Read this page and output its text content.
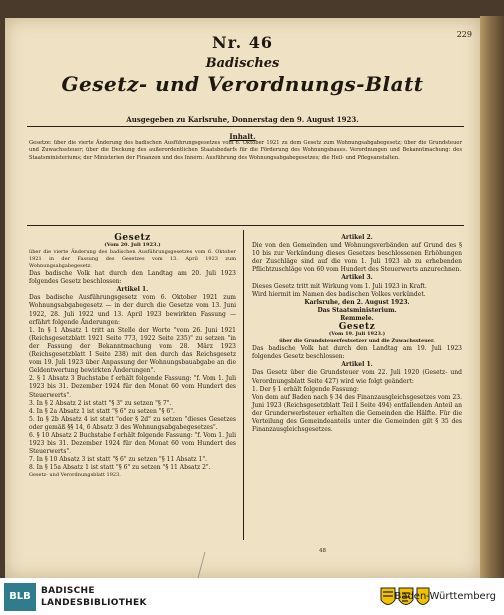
229
Nr. 46
Badisches
Gesetz- und Verordnungs-Blatt
Ausgegeben zu Karlsruhe, Donnerstag den 9. August 1923.
Inhalt.
Gesetze: über die vierte Änderung des badischen Ausführungsgesetzes vom 6. Oktober 1921 zu dem Gesetz zum Wohnungsabgabegesetz; über die Grundsteuer und Zuwachssteuer; über die Deckung des außerordentlichen Staatsbedarfs für die Förderung des Wohnungsbaues. Verordnungen und Bekanntmachung: des Staatsministeriums; der Ministerien der Finanzen und des Innern: Ausführung des Wohnungsabgabegesetzes; die Heil- und Pflegeanstalten.

Gesetz

(Vom 20. Juli 1923.)

über die vierte Änderung des badischen Ausführungsgesetzes vom 6. Oktober 1921 in der Fassung des Gesetzes vom 13. April 1923 zum Wohnungsabgabegesetz.

Das badische Volk hat durch den Landtag am 20. Juli 1923 folgendes Gesetz beschlossen:

Artikel 1.

Das badische Ausführungsgesetz vom 6. Oktober 1921 zum Wohnungsabgabegesetz — in der durch die Gesetze vom 13. Juni 1922, 28. Juli 1922 und 13. April 1923 bewirkten Fassung — erfährt folgende Änderungen:

1. In § 1 Absatz 1 tritt an Stelle der Worte "vom 26. Juni 1921 (Reichsgesetzblatt 1921 Seite 773, 1922 Seite 235)" zu setzen "in der Fassung der Bekanntmachung vom 28. März 1923 (Reichsgesetzblatt I Seite 238) mit den durch das Reichsgesetz vom 19. Juli 1923 über Anpassung der Wohnungsbauabgabe an die Geldentwertung bewirkten Änderungen".

2. § 1 Absatz 3 Buchstabe f erhält folgende Fassung: "f. Vom 1. Juli 1923 bis 31. Dezember 1924 für den Monat 60 vom Hundert des Steuerwerts".

3. In § 2 Absatz 2 ist statt "§ 3" zu setzen "§ 7".

4. In § 2a Absatz 1 ist statt "§ 6" zu setzen "§ 6".

5. In § 2b Absatz 4 ist statt "oder § 2d" zu setzen "dieses Gesetzes oder gemäß §§ 14, 6 Absatz 3 des Wohnungsabgabegesetzes".

6. § 10 Absatz 2 Buchstabe f erhält folgende Fassung: "f. Vom 1. Juli 1923 bis 31. Dezember 1924 für den Monat 60 vom Hundert des Steuerwerts".

7. In § 10 Absatz 3 ist statt "§ 6" zu setzen "§ 11 Absatz 1".

8. In § 15a Absatz 1 ist statt "§ 6" zu setzen "§ 11 Absatz 2".

Gesetz- und Verordnungsblatt 1923.

Artikel 2.

Die von den Gemeinden und Wohnungsverbänden auf Grund des § 10 bis zur Verkündung dieses Gesetzes beschlossenen Erhöhungen der Zuschläge sind auf die vom 1. Juli 1923 ab zu erhebenden Pflichtzuschläge von 60 vom Hundert des Steuerwerts anzurechnen.

Artikel 3.

Dieses Gesetz tritt mit Wirkung vom 1. Juli 1923 in Kraft.

Wird hiermit im Namen des badischen Volkes verkündet.

Karlsruhe, den 2. August 1923.

Das Staatsministerium.

Remmele.

Gesetz

(Vom 19. Juli 1923.)

über die Grundsteuerfestsetzer und die Zuwachssteuer.

Das badische Volk hat durch den Landtag am 19. Juli 1923 folgendes Gesetz beschlossen:

Artikel 1.

Das Gesetz über die Grundsteuer vom 22. Juli 1920 (Gesetz- und Verordnungsblatt Seite 427) wird wie folgt geändert:

1. Der § 1 erhält folgende Fassung:

Von dem auf Baden nach § 34 des Finanzausgleichsgesetzes vom 23. Juni 1923 (Reichsgesetzblatt Teil I Seite 494) entfallenden Anteil an der Grunderwerbsteuer erhalten die Gemeinden die Hälfte. Für die Verteilung des Gemeindeanteils unter die Gemeinden gilt § 35 des Finanzausgleichsgesetzes.

48
BLB	BADISCHE
LANDESBIBLIOTHEK
Baden-Württemberg
